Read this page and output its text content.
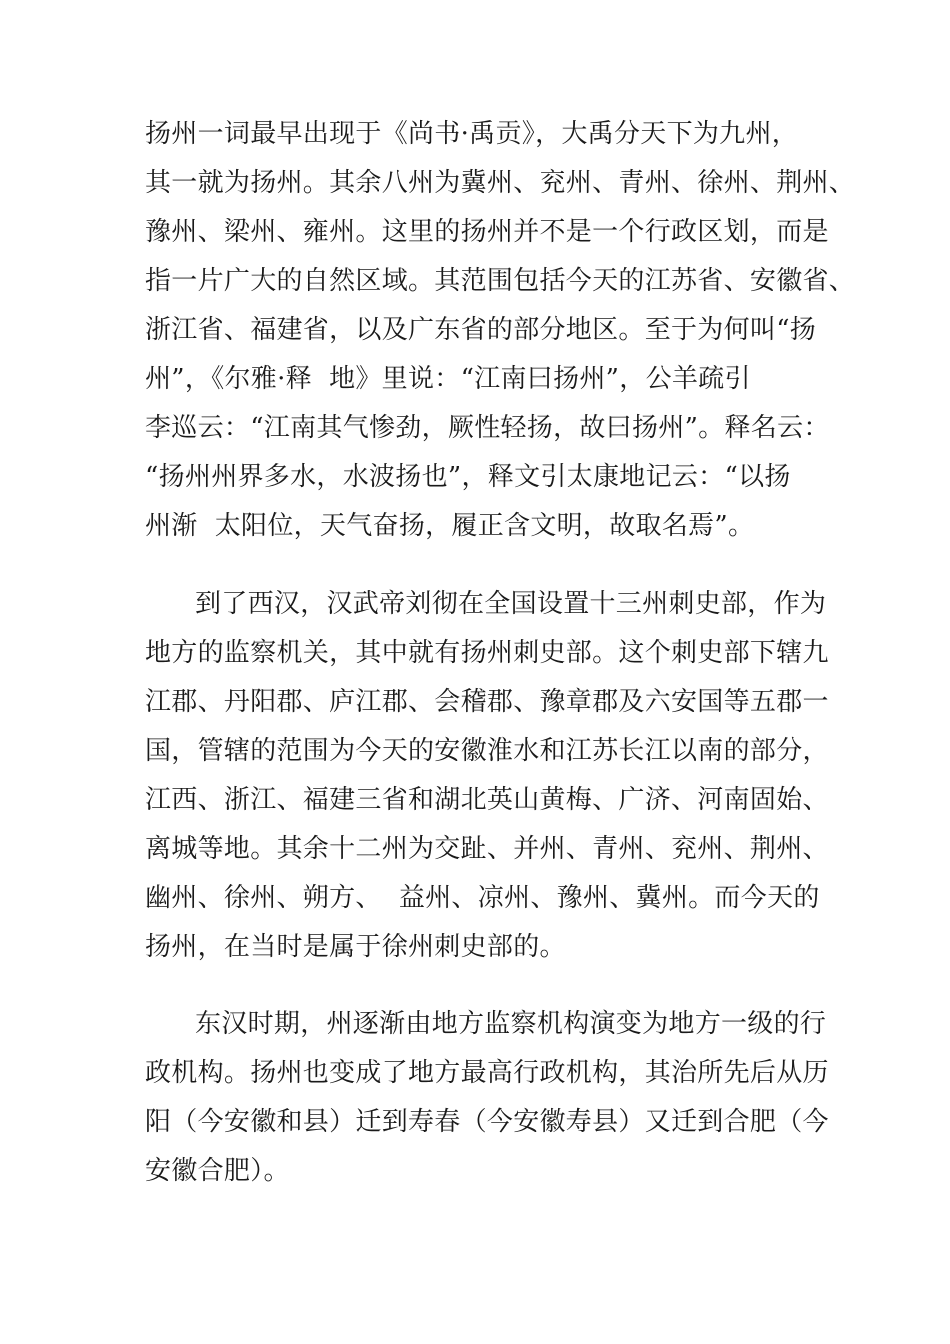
扬州一词最早出现于《尚书·禹贡》，大禹分天下为九州，
其一就为扬州。其余八州为冀州、兖州、青州、徐州、荆州、
豫州、梁州、雍州。这里的扬州并不是一个行政区划，而是
指一片广大的自然区域。其范围包括今天的江苏省、安徽省、
浙江省、福建省，以及广东省的部分地区。至于为何叫“扬
州”，《尔雅·释  地》里说：“江南曰扬州”，公羊疏引
李巡云：“江南其气惨劲，厥性轻扬，故曰扬州”。释名云：
“扬州州界多水，水波扬也”，释文引太康地记云：“以扬
州渐  太阳位，天气奋扬，履正含文明，故取名焉”。
到了西汉，汉武帝刘彻在全国设置十三州刺史部，作为
地方的监察机关，其中就有扬州刺史部。这个刺史部下辖九
江郡、丹阳郡、庐江郡、会稽郡、豫章郡及六安国等五郡一
国，管辖的范围为今天的安徽淮水和江苏长江以南的部分，
江西、浙江、福建三省和湖北英山黄梅、广济、河南固始、
离城等地。其余十二州为交趾、并州、青州、兖州、荆州、
幽州、徐州、朔方、  益州、凉州、豫州、冀州。而今天的
扬州，在当时是属于徐州刺史部的。
东汉时期，州逐渐由地方监察机构演变为地方一级的行
政机构。扬州也变成了地方最高行政机构，其治所先后从历
阳（今安徽和县）迁到寿春（今安徽寿县）又迁到合肥（今
安徽合肥）。
